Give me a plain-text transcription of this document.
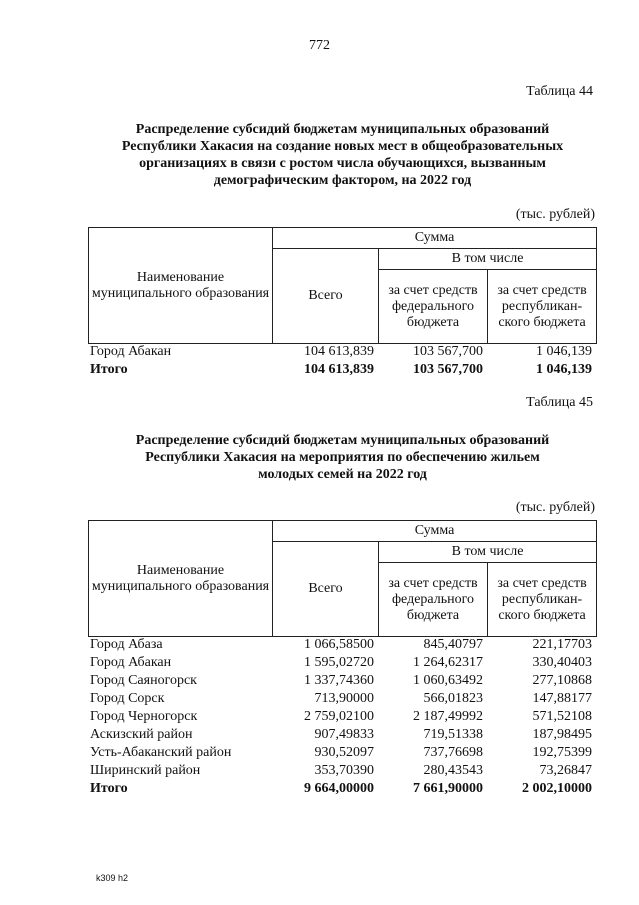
772
Таблица 44
Распределение субсидий бюджетам муниципальных образований
Республики Хакасия на создание новых мест в общеобразовательных
организациях в связи с ростом числа обучающихся, вызванным
демографическим фактором, на 2022 год
(тыс. рублей)
Наименование муниципального образования	Сумма		
	Всего	В том числе	
		за счет средств федерального бюджета	за счет средств республикан-ского бюджета
Город Абакан	104 613,839	103 567,700	1 046,139
Итого	104 613,839	103 567,700	1 046,139
Таблица 45
Распределение субсидий бюджетам муниципальных образований
Республики Хакасия на мероприятия по обеспечению жильем
молодых семей на 2022 год
(тыс. рублей)
Наименование муниципального образования	Сумма		
	Всего	В том числе	
		за счет средств федерального бюджета	за счет средств республикан-ского бюджета
Город Абаза	1 066,58500	845,40797	221,17703
Город Абакан	1 595,02720	1 264,62317	330,40403
Город Саяногорск	1 337,74360	1 060,63492	277,10868
Город Сорск	713,90000	566,01823	147,88177
Город Черногорск	2 759,02100	2 187,49992	571,52108
Аскизский район	907,49833	719,51338	187,98495
Усть-Абаканский район	930,52097	737,76698	192,75399
Ширинский район	353,70390	280,43543	73,26847
Итого	9 664,00000	7 661,90000	2 002,10000
k309 h2
